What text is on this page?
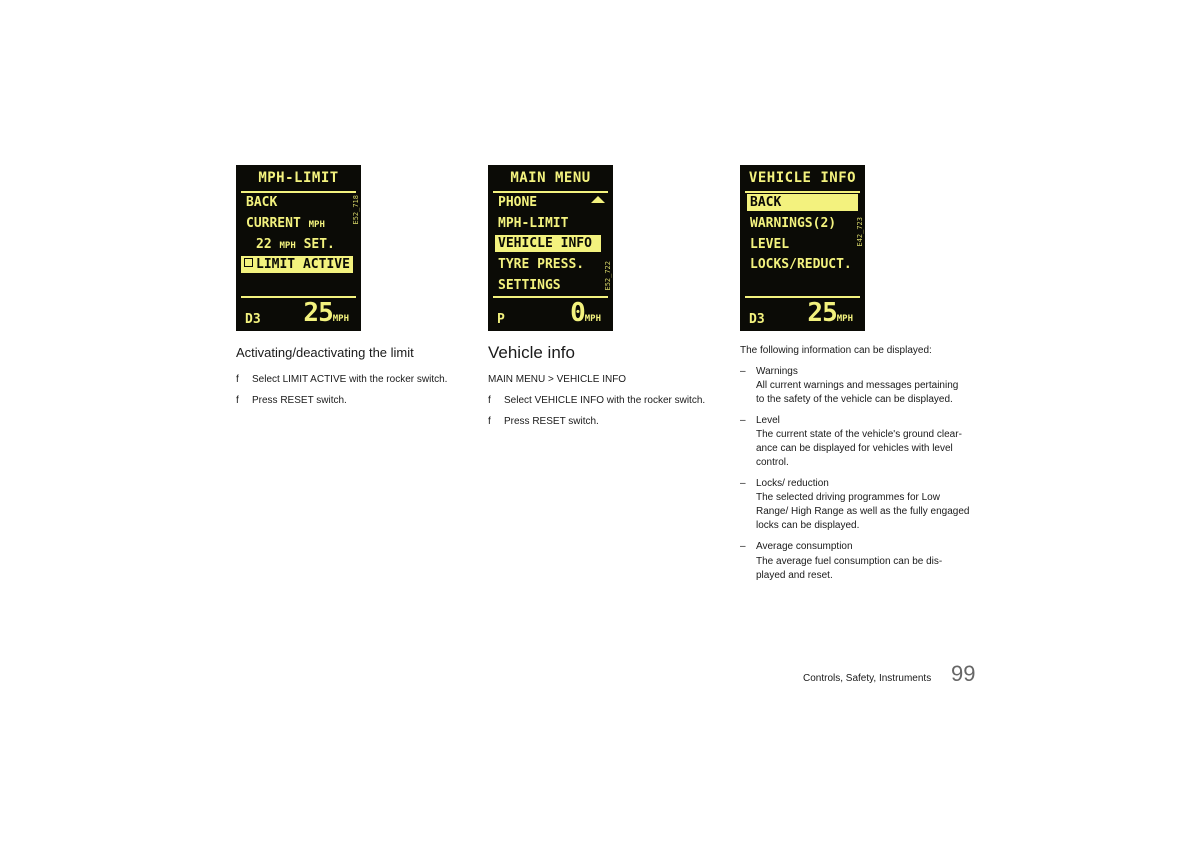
MPH-LIMIT
BACK
CURRENT MPH
22 MPH SET.
LIMIT ACTIVE
E52_718
D3 25MPH
MAIN MENU
PHONE
MPH-LIMIT
VEHICLE INFO
TYRE PRESS.
SETTINGS	E52_722
P	0MPH
VEHICLE INFO
BACK
WARNINGS(2)
LEVEL
LOCKS/REDUCT.
E42_723
D3 25MPH
Activating/deactivating the limit
f Select LIMIT ACTIVE with the rocker switch.
f Press RESET switch.
Vehicle info
MAIN MENU > VEHICLE INFO
f Select VEHICLE INFO with the rocker switch.
f Press RESET switch.
The following information can be displayed:
– Warnings
All current warnings and messages pertaining
to the safety of the vehicle can be displayed.
– Level
The current state of the vehicle's ground clear-
ance can be displayed for vehicles with level
control.
– Locks/ reduction
The selected driving programmes for Low
Range/ High Range as well as the fully engaged
locks can be displayed.
– Average consumption
The average fuel consumption can be dis-
played and reset.
Controls, Safety, Instruments 99
